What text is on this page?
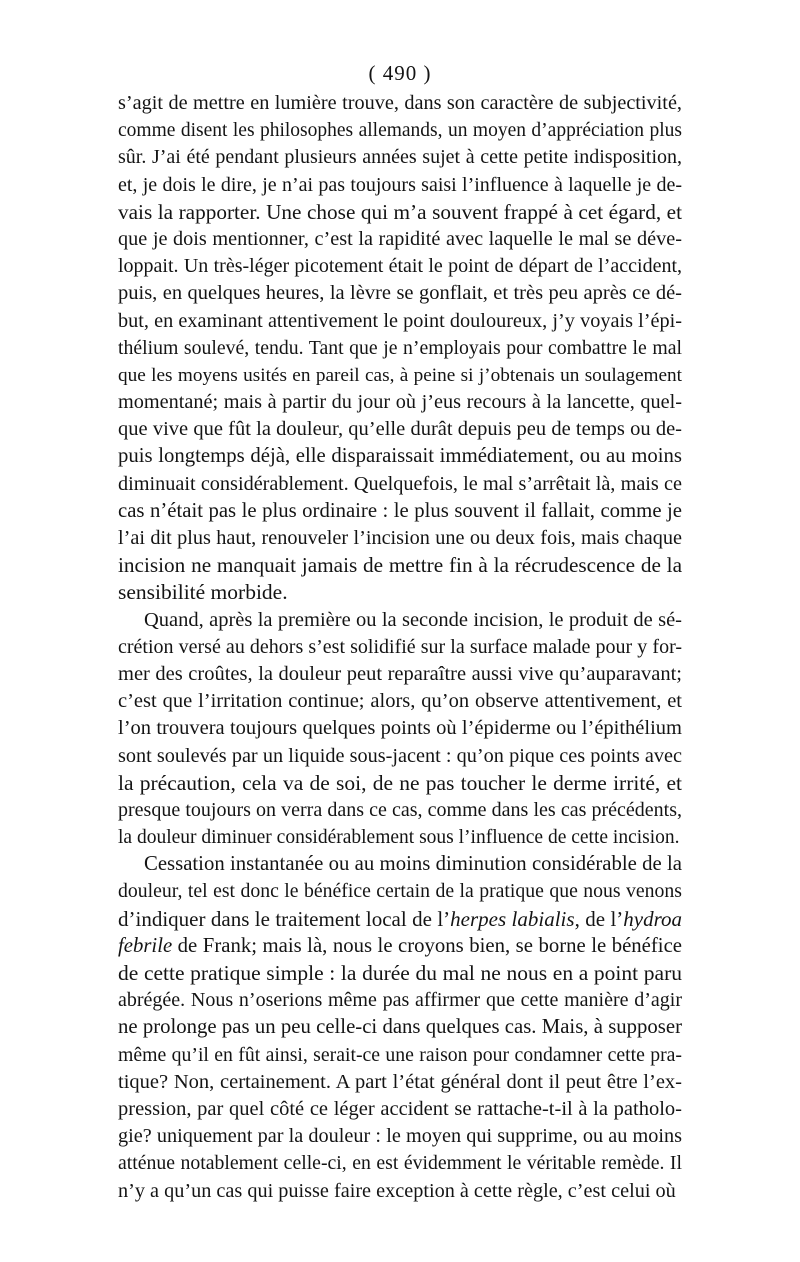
( 490 )
s’agit de mettre en lumière trouve, dans son caractère de subjectivité,
comme disent les philosophes allemands, un moyen d’appréciation plus
sûr. J’ai été pendant plusieurs années sujet à cette petite indisposition,
et, je dois le dire, je n’ai pas toujours saisi l’influence à laquelle je de-
vais la rapporter. Une chose qui m’a souvent frappé à cet égard, et
que je dois mentionner, c’est la rapidité avec laquelle le mal se déve-
loppait. Un très-léger picotement était le point de départ de l’accident,
puis, en quelques heures, la lèvre se gonflait, et très peu après ce dé-
but, en examinant attentivement le point douloureux, j’y voyais l’épi-
thélium soulevé, tendu. Tant que je n’employais pour combattre le mal
que les moyens usités en pareil cas, à peine si j’obtenais un soulagement
momentané; mais à partir du jour où j’eus recours à la lancette, quel-
que vive que fût la douleur, qu’elle durât depuis peu de temps ou de-
puis longtemps déjà, elle disparaissait immédiatement, ou au moins
diminuait considérablement. Quelquefois, le mal s’arrêtait là, mais ce
cas n’était pas le plus ordinaire : le plus souvent il fallait, comme je
l’ai dit plus haut, renouveler l’incision une ou deux fois, mais chaque
incision ne manquait jamais de mettre fin à la récrudescence de la
sensibilité morbide.
Quand, après la première ou la seconde incision, le produit de sé-
crétion versé au dehors s’est solidifié sur la surface malade pour y for-
mer des croûtes, la douleur peut reparaître aussi vive qu’auparavant;
c’est que l’irritation continue; alors, qu’on observe attentivement, et
l’on trouvera toujours quelques points où l’épiderme ou l’épithélium
sont soulevés par un liquide sous-jacent : qu’on pique ces points avec
la précaution, cela va de soi, de ne pas toucher le derme irrité, et
presque toujours on verra dans ce cas, comme dans les cas précédents,
la douleur diminuer considérablement sous l’influence de cette incision.
Cessation instantanée ou au moins diminution considérable de la
douleur, tel est donc le bénéfice certain de la pratique que nous venons
d’indiquer dans le traitement local de l’herpes labialis, de l’hydroa
febrile de Frank; mais là, nous le croyons bien, se borne le bénéfice
de cette pratique simple : la durée du mal ne nous en a point paru
abrégée. Nous n’oserions même pas affirmer que cette manière d’agir
ne prolonge pas un peu celle-ci dans quelques cas. Mais, à supposer
même qu’il en fût ainsi, serait-ce une raison pour condamner cette pra-
tique? Non, certainement. A part l’état général dont il peut être l’ex-
pression, par quel côté ce léger accident se rattache-t-il à la patholo-
gie? uniquement par la douleur : le moyen qui supprime, ou au moins
atténue notablement celle-ci, en est évidemment le véritable remède. Il
n’y a qu’un cas qui puisse faire exception à cette règle, c’est celui où
